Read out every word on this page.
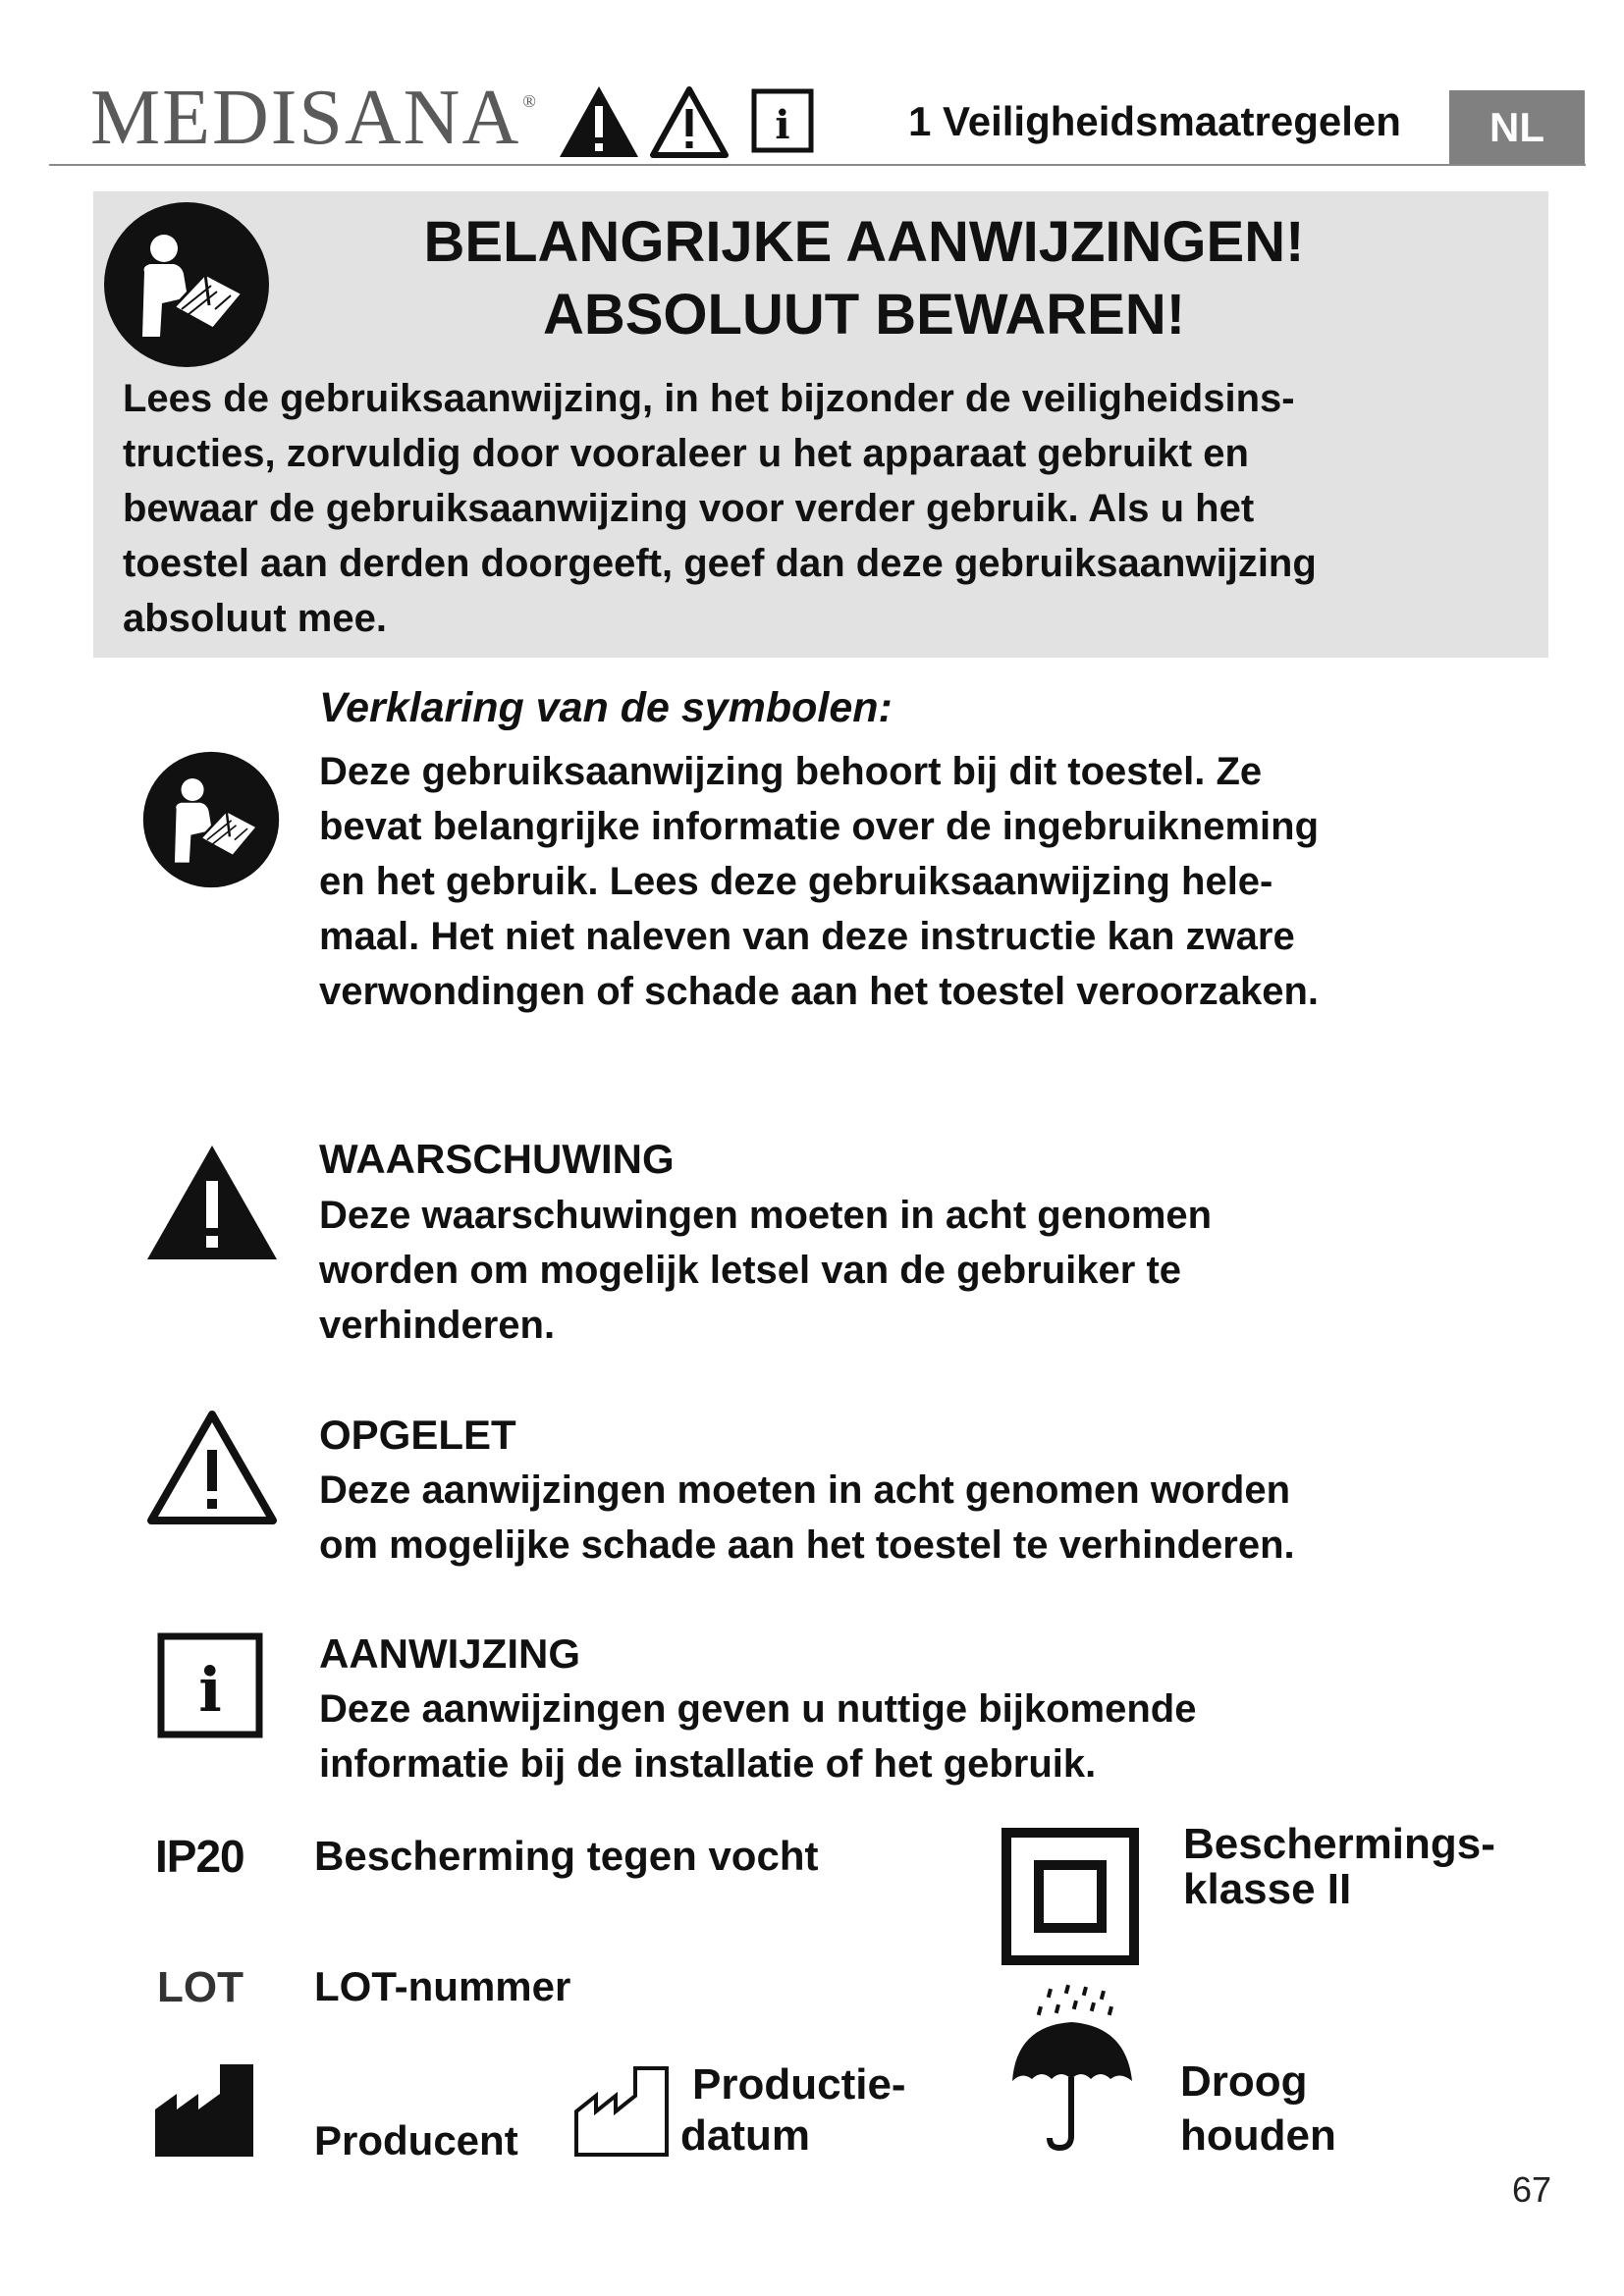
MEDISANA ®
i	1 Veiligheidsmaatregelen	NL
BELANGRIJKE AANWIJZINGEN!
ABSOLUUT BEWAREN!
Lees de gebruiksaanwijzing, in het bijzonder de veiligheidsins-
tructies, zorvuldig door vooraleer u het apparaat gebruikt en
bewaar de gebruiksaanwijzing voor verder gebruik. Als u het
toestel aan derden doorgeeft, geef dan deze gebruiksaanwijzing
absoluut mee.
Verklaring van de symbolen:
Deze gebruiksaanwijzing behoort bij dit toestel. Ze
bevat belangrijke informatie over de ingebruikneming
en het gebruik. Lees deze gebruiksaanwijzing hele-
maal. Het niet naleven van deze instructie kan zware
verwondingen of schade aan het toestel veroorzaken.
WAARSCHUWING
Deze waarschuwingen moeten in acht genomen
worden om mogelijk letsel van de gebruiker te
verhinderen.
OPGELET
Deze aanwijzingen moeten in acht genomen worden
om mogelijke schade aan het toestel te verhinderen.
i
AANWIJZING
Deze aanwijzingen geven u nuttige bijkomende
informatie bij de installatie of het gebruik.
IP20 Bescherming tegen vocht
LOT LOT-nummer
Producent
Productie-
datum
Beschermings-
klasse II
Droog
houden
67
